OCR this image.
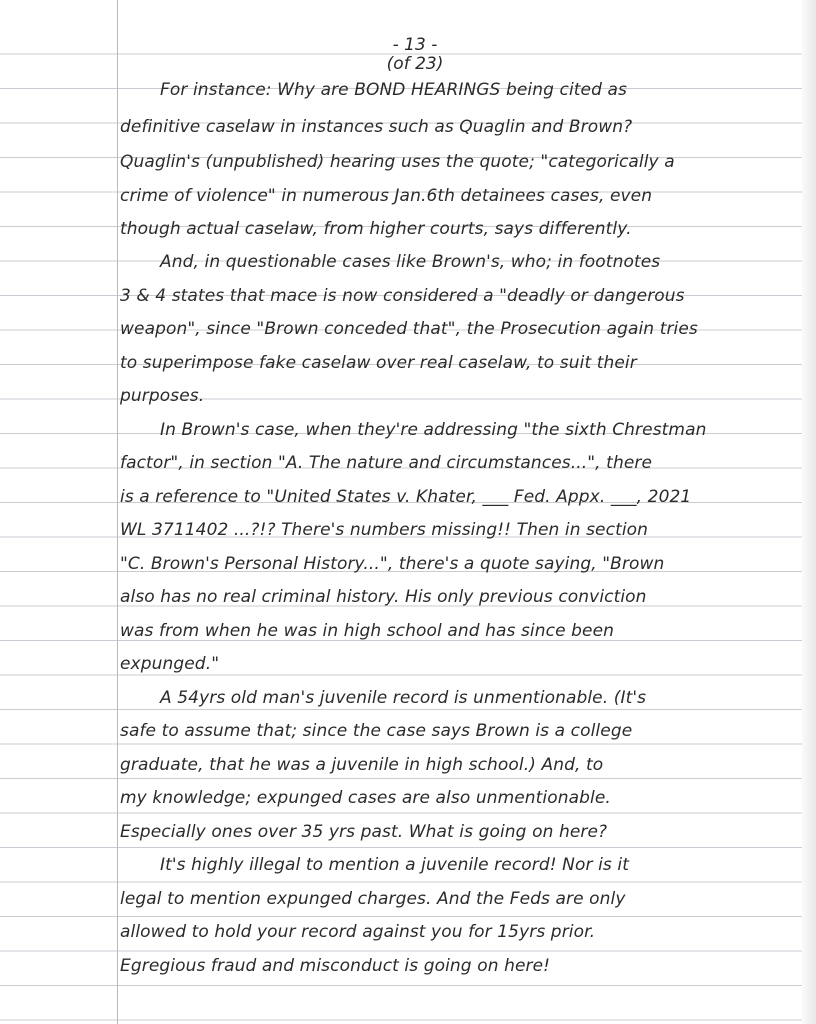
- 13 -
(of 23)
For instance: Why are BOND HEARINGS being cited as
definitive caselaw in instances such as Quaglin and Brown?
Quaglin's (unpublished) hearing uses the quote; "categorically a
crime of violence" in numerous Jan.6th detainees cases, even
though actual caselaw, from higher courts, says differently.
And, in questionable cases like Brown's, who; in footnotes
3 & 4 states that mace is now considered a "deadly or dangerous
weapon", since "Brown conceded that", the Prosecution again tries
to superimpose fake caselaw over real caselaw, to suit their
purposes.
In Brown's case, when they're addressing "the sixth Chrestman
factor", in section "A. The nature and circumstances...", there
is a reference to "United States v. Khater, ___ Fed. Appx. ___, 2021
WL 3711402 ...?!? There's numbers missing!! Then in section
"C. Brown's Personal History...", there's a quote saying, "Brown
also has no real criminal history. His only previous conviction
was from when he was in high school and has since been
expunged."
A 54yrs old man's juvenile record is unmentionable. (It's
safe to assume that; since the case says Brown is a college
graduate, that he was a juvenile in high school.) And, to
my knowledge; expunged cases are also unmentionable.
Especially ones over 35 yrs past. What is going on here?
It's highly illegal to mention a juvenile record! Nor is it
legal to mention expunged charges. And the Feds are only
allowed to hold your record against you for 15yrs prior.
Egregious fraud and misconduct is going on here!
